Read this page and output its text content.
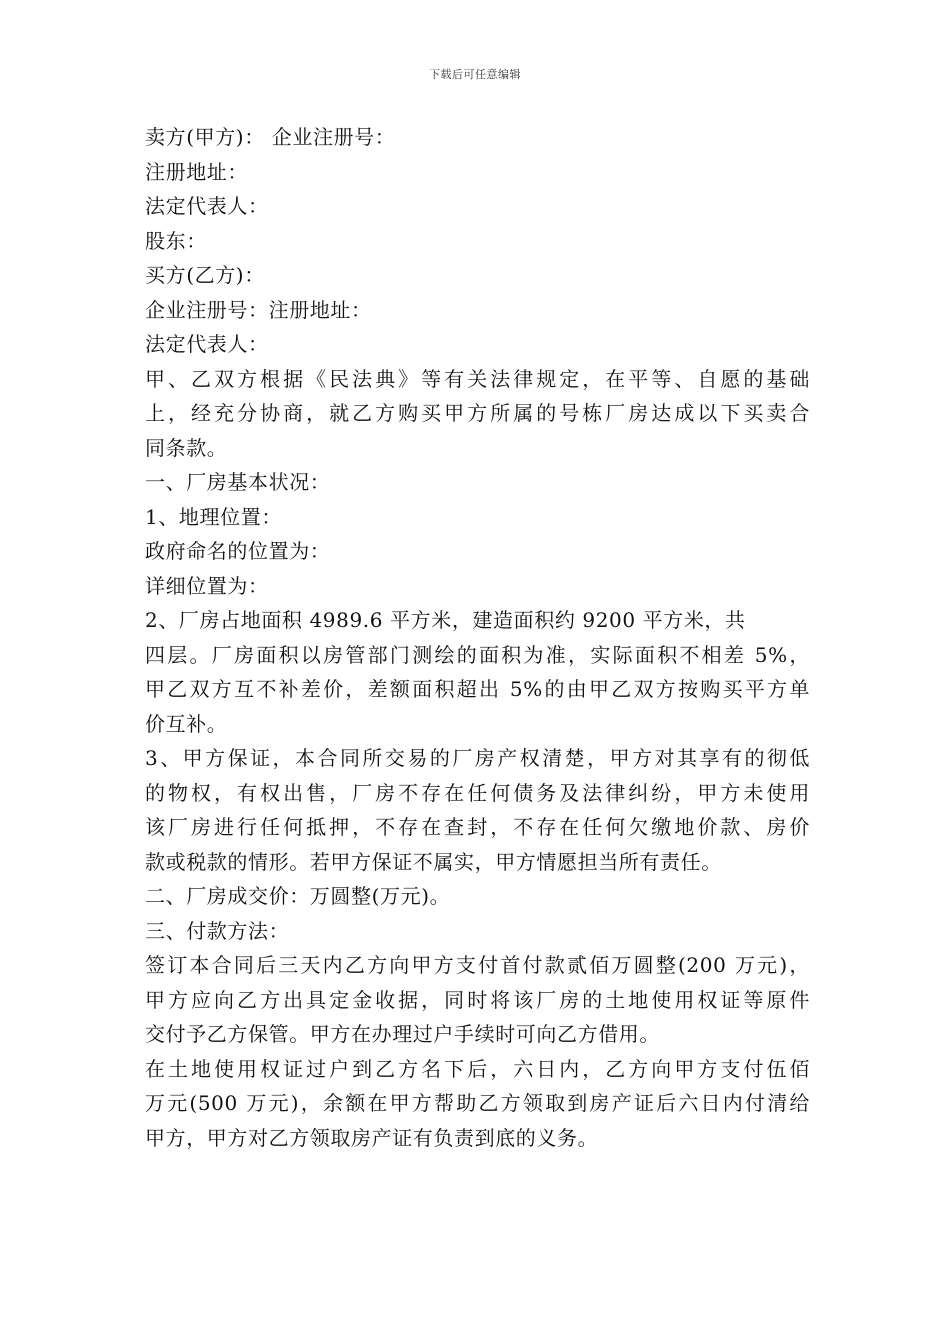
下载后可任意编辑
卖方(甲方)： 企业注册号：
注册地址：
法定代表人：
股东：
买方(乙方)：
企业注册号：注册地址：
法定代表人：
甲、乙双方根据《民法典》等有关法律规定，在平等、自愿的基础
上，经充分协商，就乙方购买甲方所属的号栋厂房达成以下买卖合
同条款。
一、厂房基本状况：
1、地理位置：
政府命名的位置为：
详细位置为：
2、厂房占地面积 4989.6 平方米，建造面积约 9200 平方米，共
四层。厂房面积以房管部门测绘的面积为准，实际面积不相差 5%，
甲乙双方互不补差价，差额面积超出 5%的由甲乙双方按购买平方单
价互补。
3、甲方保证，本合同所交易的厂房产权清楚，甲方对其享有的彻低
的物权，有权出售，厂房不存在任何债务及法律纠纷，甲方未使用
该厂房进行任何抵押，不存在查封，不存在任何欠缴地价款、房价
款或税款的情形。若甲方保证不属实，甲方情愿担当所有责任。
二、厂房成交价：万圆整(万元)。
三、付款方法：
签订本合同后三天内乙方向甲方支付首付款贰佰万圆整(200 万元)，
甲方应向乙方出具定金收据，同时将该厂房的土地使用权证等原件
交付予乙方保管。甲方在办理过户手续时可向乙方借用。
在土地使用权证过户到乙方名下后，六日内，乙方向甲方支付伍佰
万元(500 万元)，余额在甲方帮助乙方领取到房产证后六日内付清给
甲方，甲方对乙方领取房产证有负责到底的义务。
